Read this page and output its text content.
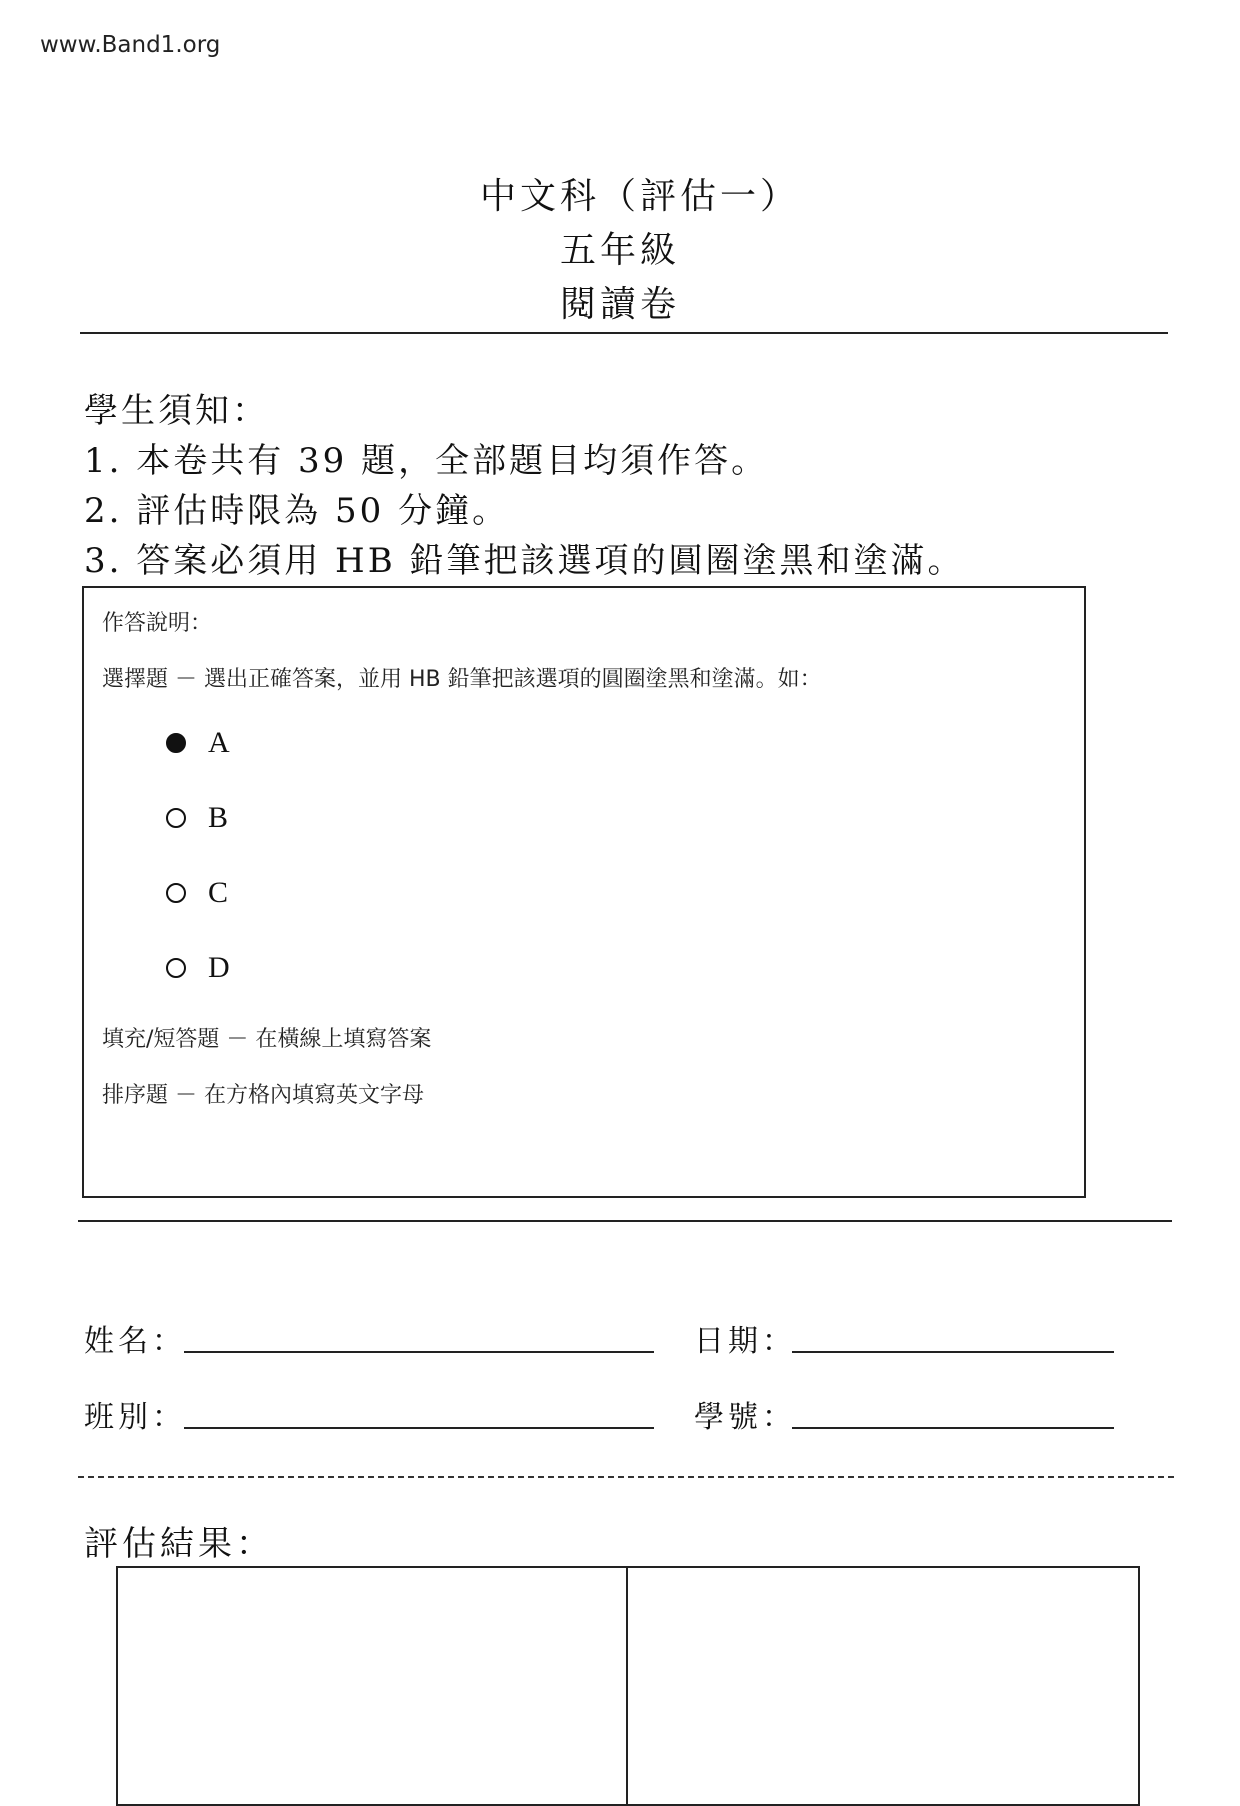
www.Band1.org
中文科（評估一）
五年級
閱讀卷
學生須知：
1. 本卷共有 39 題，全部題目均須作答。
2. 評估時限為 50 分鐘。
3. 答案必須用 HB 鉛筆把該選項的圓圈塗黑和塗滿。
作答說明：
選擇題 － 選出正確答案，並用 HB 鉛筆把該選項的圓圈塗黑和塗滿。如：
A
B
C
D
填充/短答題 － 在橫線上填寫答案
排序題 － 在方格內填寫英文字母
姓名：	日期：
班別：	學號：
評估結果：
